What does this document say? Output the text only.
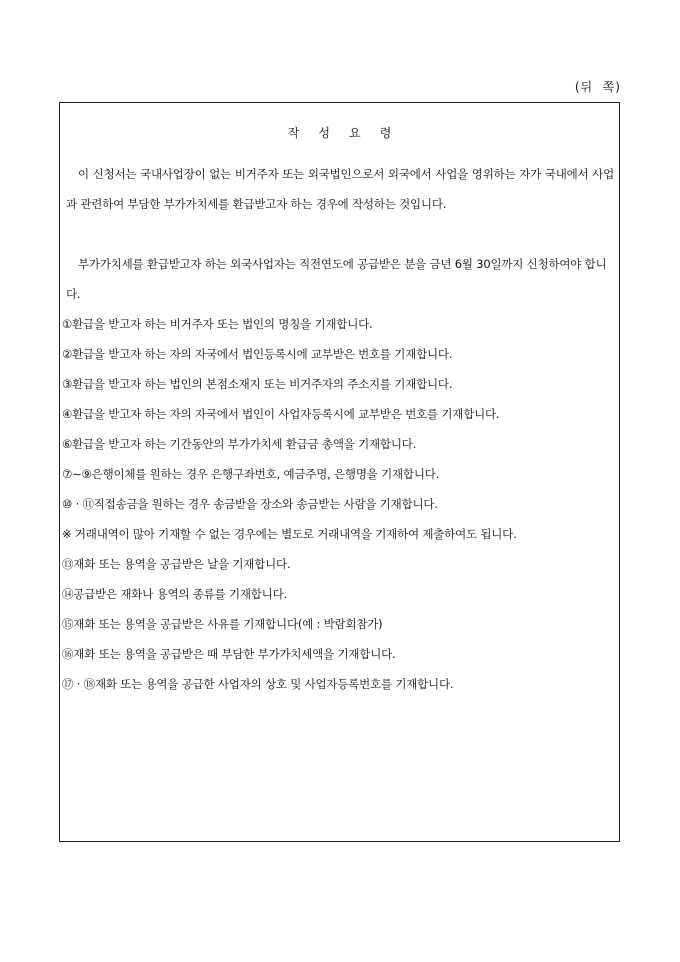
(뒤  쪽)
작     성     요     령

이 신청서는 국내사업장이 없는 비거주자 또는 외국법인으로서 외국에서 사업을 영위하는 자가 국내에서 사업과 관련하여 부담한 부가가치세를 환급받고자 하는 경우에 작성하는 것입니다.

부가가치세를 환급받고자 하는 외국사업자는 직전연도에 공급받은 분을 금년 6월 30일까지 신청하여야 합니다.

①환급을 받고자 하는 비거주자 또는 법인의 명칭을 기재합니다.
②환급을 받고자 하는 자의 자국에서 법인등록시에 교부받은 번호를 기재합니다.
③환급을 받고자 하는 법인의 본점소재지 또는 비거주자의 주소지를 기재합니다.
④환급을 받고자 하는 자의 자국에서 법인이 사업자등록시에 교부받은 번호를 기재합니다.
⑥환급을 받고자 하는 기간동안의 부가가치세 환급금 총액을 기재합니다.
⑦∼⑨은행이체를 원하는 경우 은행구좌번호, 예금주명, 은행명을 기재합니다.
⑩ · ⑪직접송금을 원하는 경우 송금받을 장소와 송금받는 사람을 기재합니다.
※ 거래내역이 많아 기재할 수 없는 경우에는 별도로 거래내역을 기재하여 제출하여도 됩니다.
⑬재화 또는 용역을 공급받은 날을 기재합니다.
⑭공급받은 재화나 용역의 종류를 기재합니다.
⑮재화 또는 용역을 공급받은 사유를 기재합니다(예 : 박람회참가)
⑯재화 또는 용역을 공급받은 때 부담한 부가가치세액을 기재합니다.
⑰ · ⑱재화 또는 용역을 공급한 사업자의 상호 및 사업자등록번호를 기재합니다.
